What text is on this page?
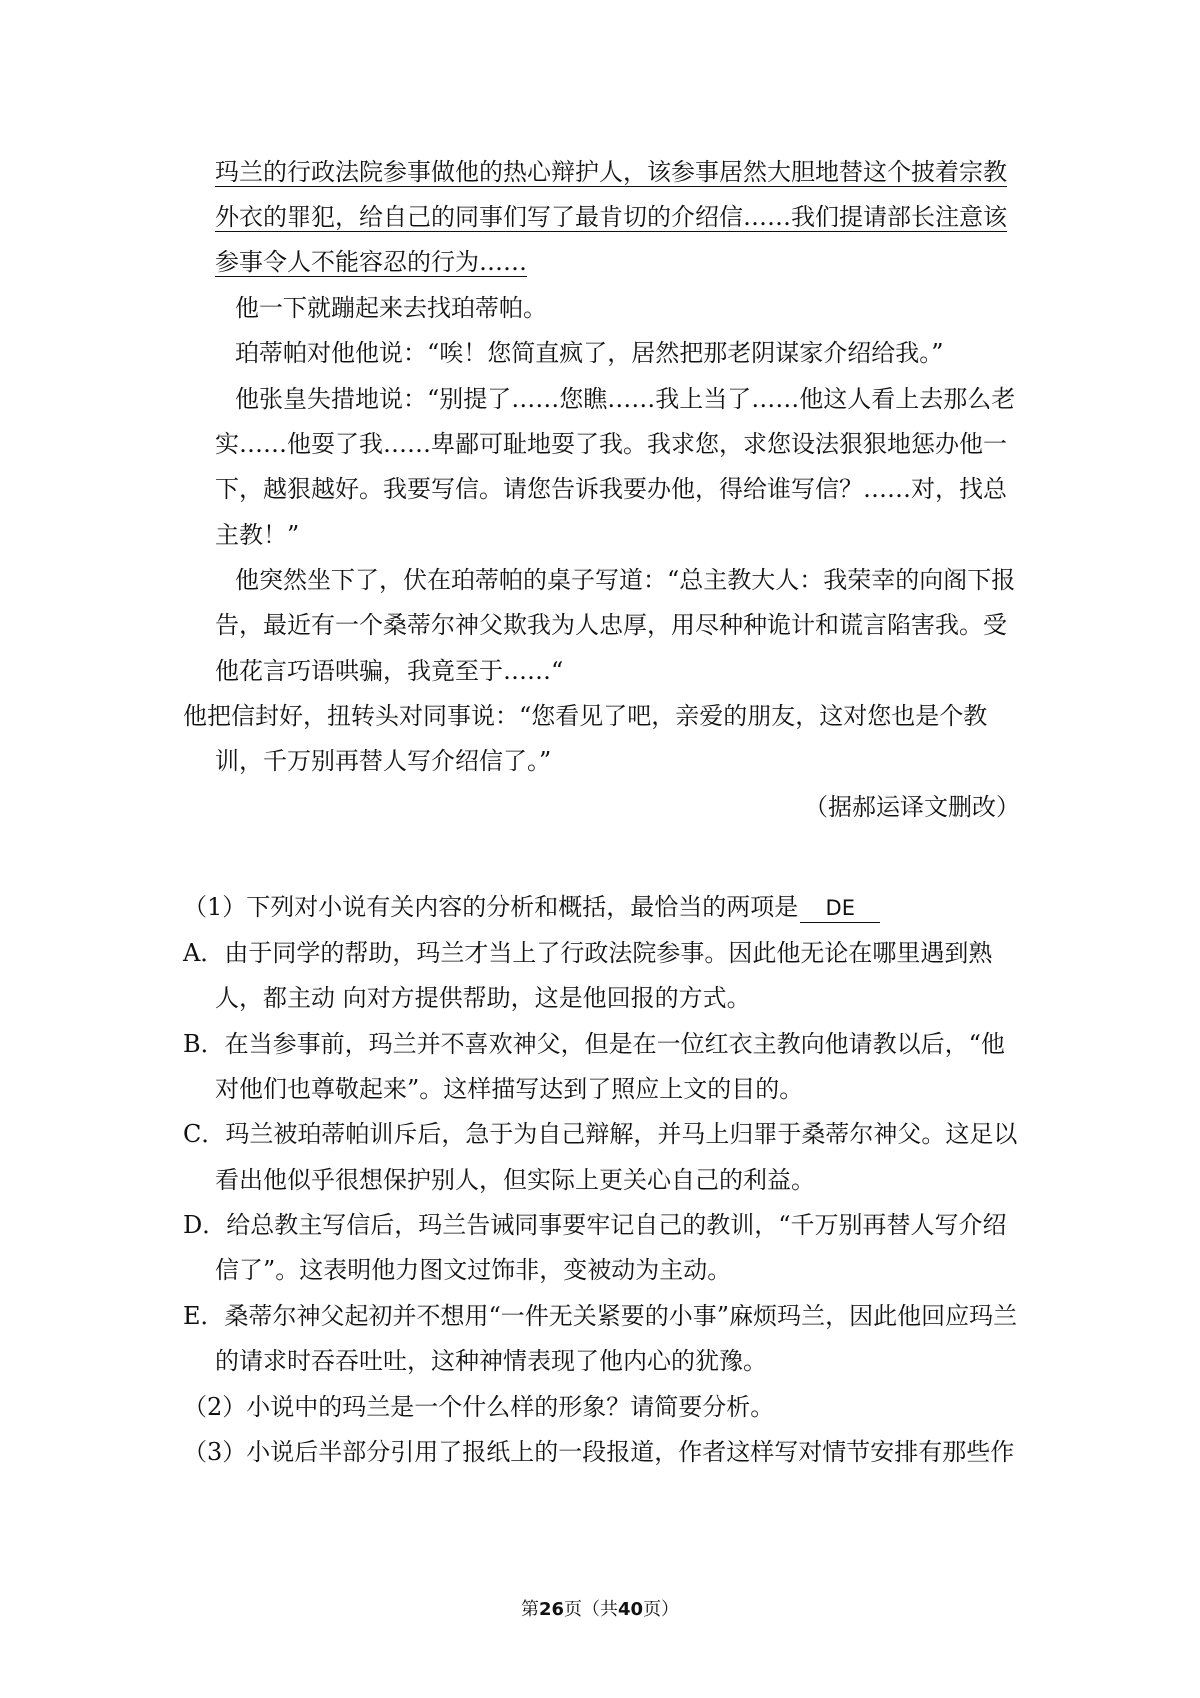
玛兰的行政法院参事做他的热心辩护人，该参事居然大胆地替这个披着宗教
外衣的罪犯，给自己的同事们写了最肯切的介绍信……我们提请部长注意该
参事令人不能容忍的行为……
他一下就蹦起来去找珀蒂帕。
珀蒂帕对他他说：“唉！您简直疯了，居然把那老阴谋家介绍给我。”
他张皇失措地说：“别提了……您瞧……我上当了……他这人看上去那么老
实……他耍了我……卑鄙可耻地耍了我。我求您，求您设法狠狠地惩办他一
下，越狠越好。我要写信。请您告诉我要办他，得给谁写信？……对，找总
主教！”
他突然坐下了，伏在珀蒂帕的桌子写道：“总主教大人：我荣幸的向阁下报
告，最近有一个桑蒂尔神父欺我为人忠厚，用尽种种诡计和谎言陷害我。受
他花言巧语哄骗，我竟至于……“
他把信封好，扭转头对同事说：“您看见了吧，亲爱的朋友，这对您也是个教
训，千万别再替人写介绍信了。”
（据郝运译文删改）
（1）下列对小说有关内容的分析和概括，最恰当的两项是 DE
A．由于同学的帮助，玛兰才当上了行政法院参事。因此他无论在哪里遇到熟
人，都主动 向对方提供帮助，这是他回报的方式。
B．在当参事前，玛兰并不喜欢神父，但是在一位红衣主教向他请教以后，“他
对他们也尊敬起来”。这样描写达到了照应上文的目的。
C．玛兰被珀蒂帕训斥后，急于为自己辩解，并马上归罪于桑蒂尔神父。这足以
看出他似乎很想保护别人，但实际上更关心自己的利益。
D．给总教主写信后，玛兰告诫同事要牢记自己的教训，“千万别再替人写介绍
信了”。这表明他力图文过饰非，变被动为主动。
E．桑蒂尔神父起初并不想用“一件无关紧要的小事”麻烦玛兰，因此他回应玛兰
的请求时吞吞吐吐，这种神情表现了他内心的犹豫。
（2）小说中的玛兰是一个什么样的形象？请简要分析。
（3）小说后半部分引用了报纸上的一段报道，作者这样写对情节安排有那些作
第26页（共40页）
